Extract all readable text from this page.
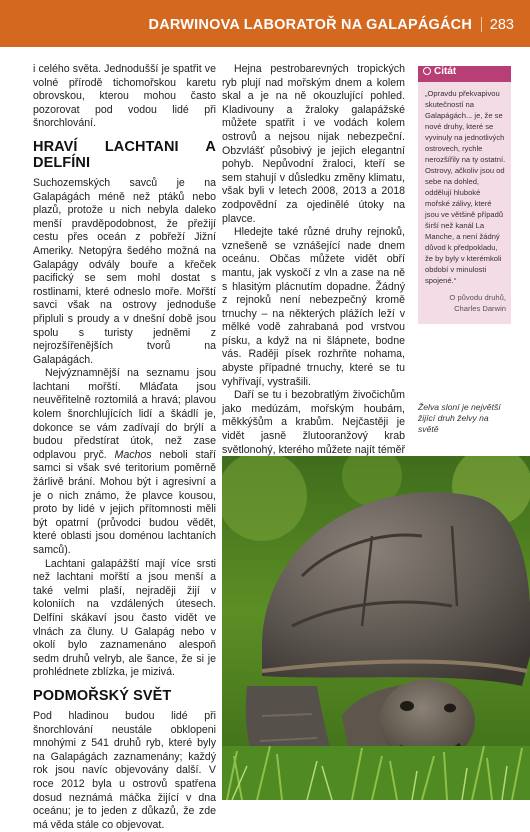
DARWINOVA LABORATOŘ NA GALAPÁGÁCH 283

i celého světa. Jednodušší je spatřit ve volné přírodě tichomořskou karetu obrovskou, kterou mohou často pozorovat pod vodou lidé při šnorchlování.

HRAVÍ LACHTANI A DELFÍNI

Suchozemských savců je na Galapágách méně než ptáků nebo plazů, protože u nich nebyla daleko menší pravděpodobnost, že přežijí cestu přes oceán z pobřeží Jižní Ameriky. Netopýra šedého možná na Galapágy odvály bouře a křeček pacifický se sem mohl dostat s rostlinami, které odneslo moře. Mořští savci však na ostrovy jednoduše připluli s proudy a v dnešní době jsou spolu s turisty jedněmi z nejrozšířenějších tvorů na Galapágách.

Nejvýznamnější na seznamu jsou lachtani mořští. Mláďata jsou neuvěřitelně roztomilá a hravá; plavou kolem šnorchlujících lidí a škádlí je, dokonce se vám zadívají do brýlí a budou předstírat útok, než zase odplavou pryč. Machos neboli staří samci si však své teritorium poměrně žárlivě brání. Mohou být i agresivní a je o nich známo, že plavce kousou, proto by lidé v jejich přítomnosti měli být opatrní (průvodci budou vědět, které oblasti jsou doménou lachtaních samců).

Lachtani galapážští mají více srsti než lachtani mořští a jsou menší a také velmi plaší, nejraději žijí v koloniích na vzdálených útesech. Delfíni skákaví jsou často vidět ve vlnách za čluny. U Galapág nebo v okolí bylo zaznamenáno alespoň sedm druhů velryb, ale šance, že si je prohlédnete zblízka, je mizivá.

PODMOŘSKÝ SVĚT

Pod hladinou budou lidé při šnorchlování neustále obklopeni mnohými z 541 druhů ryb, které byly na Galapágách zaznamenány; každý rok jsou navíc objevovány další. V roce 2012 byla u ostrovů spatřena dosud neznámá máčka žijící v dna oceánu; je to jeden z důkazů, že zde má věda stále co objevovat.

Hejna pestrobarevných tropických ryb plují nad mořským dnem a kolem skal a je na ně okouzlující pohled. Kladivouny a žraloky galapážské můžete spatřit i ve vodách kolem ostrovů a nejsou nijak nebezpeční. Obzvlášť působivý je jejich elegantní pohyb. Nepůvodní žraloci, kteří se sem stahují v důsledku změny klimatu, však byli v letech 2008, 2013 a 2018 zodpovědní za ojedinělé útoky na plavce.

Hledejte také různé druhy rejnoků, vznešeně se vznášející nade dnem oceánu. Občas můžete vidět obří mantu, jak vyskočí z vln a zase na ně s hlasitým plácnutím dopadne. Žádný z rejnoků není nebezpečný kromě trnuchy – na některých plážích leží v mělké vodě zahrabaná pod vrstvou písku, a když na ni šlápnete, bodne vás. Raději písek rozhrňte nohama, abyste případné trnuchy, které se tu vyhřívají, vystrašili.

Daří se tu i bezobratlým živočichům jako medúzám, mořským houbám, měkkýšům a krabům. Nejčastěji je vidět jasně žlutooranžový krab světlonohý, kterého můžete najít téměř

Citát
„Opravdu překvapivou skutečností na Galapágách... je, že se nové druhy, které se vyvinuly na jednotlivých ostrovech, rychle nerozšířily na ty ostatní. Ostrovy, ačkoliv jsou od sebe na dohled, oddělují hluboké mořské zálivy, které jsou ve většině případů širší než kanál La Manche, a není žádný důvod k předpokladu, že by byly v kterémkoli období v minulosti spojené.“
O původu druhů,
Charles Darwin
Želva sloní je největší žijící druh želvy na světě
